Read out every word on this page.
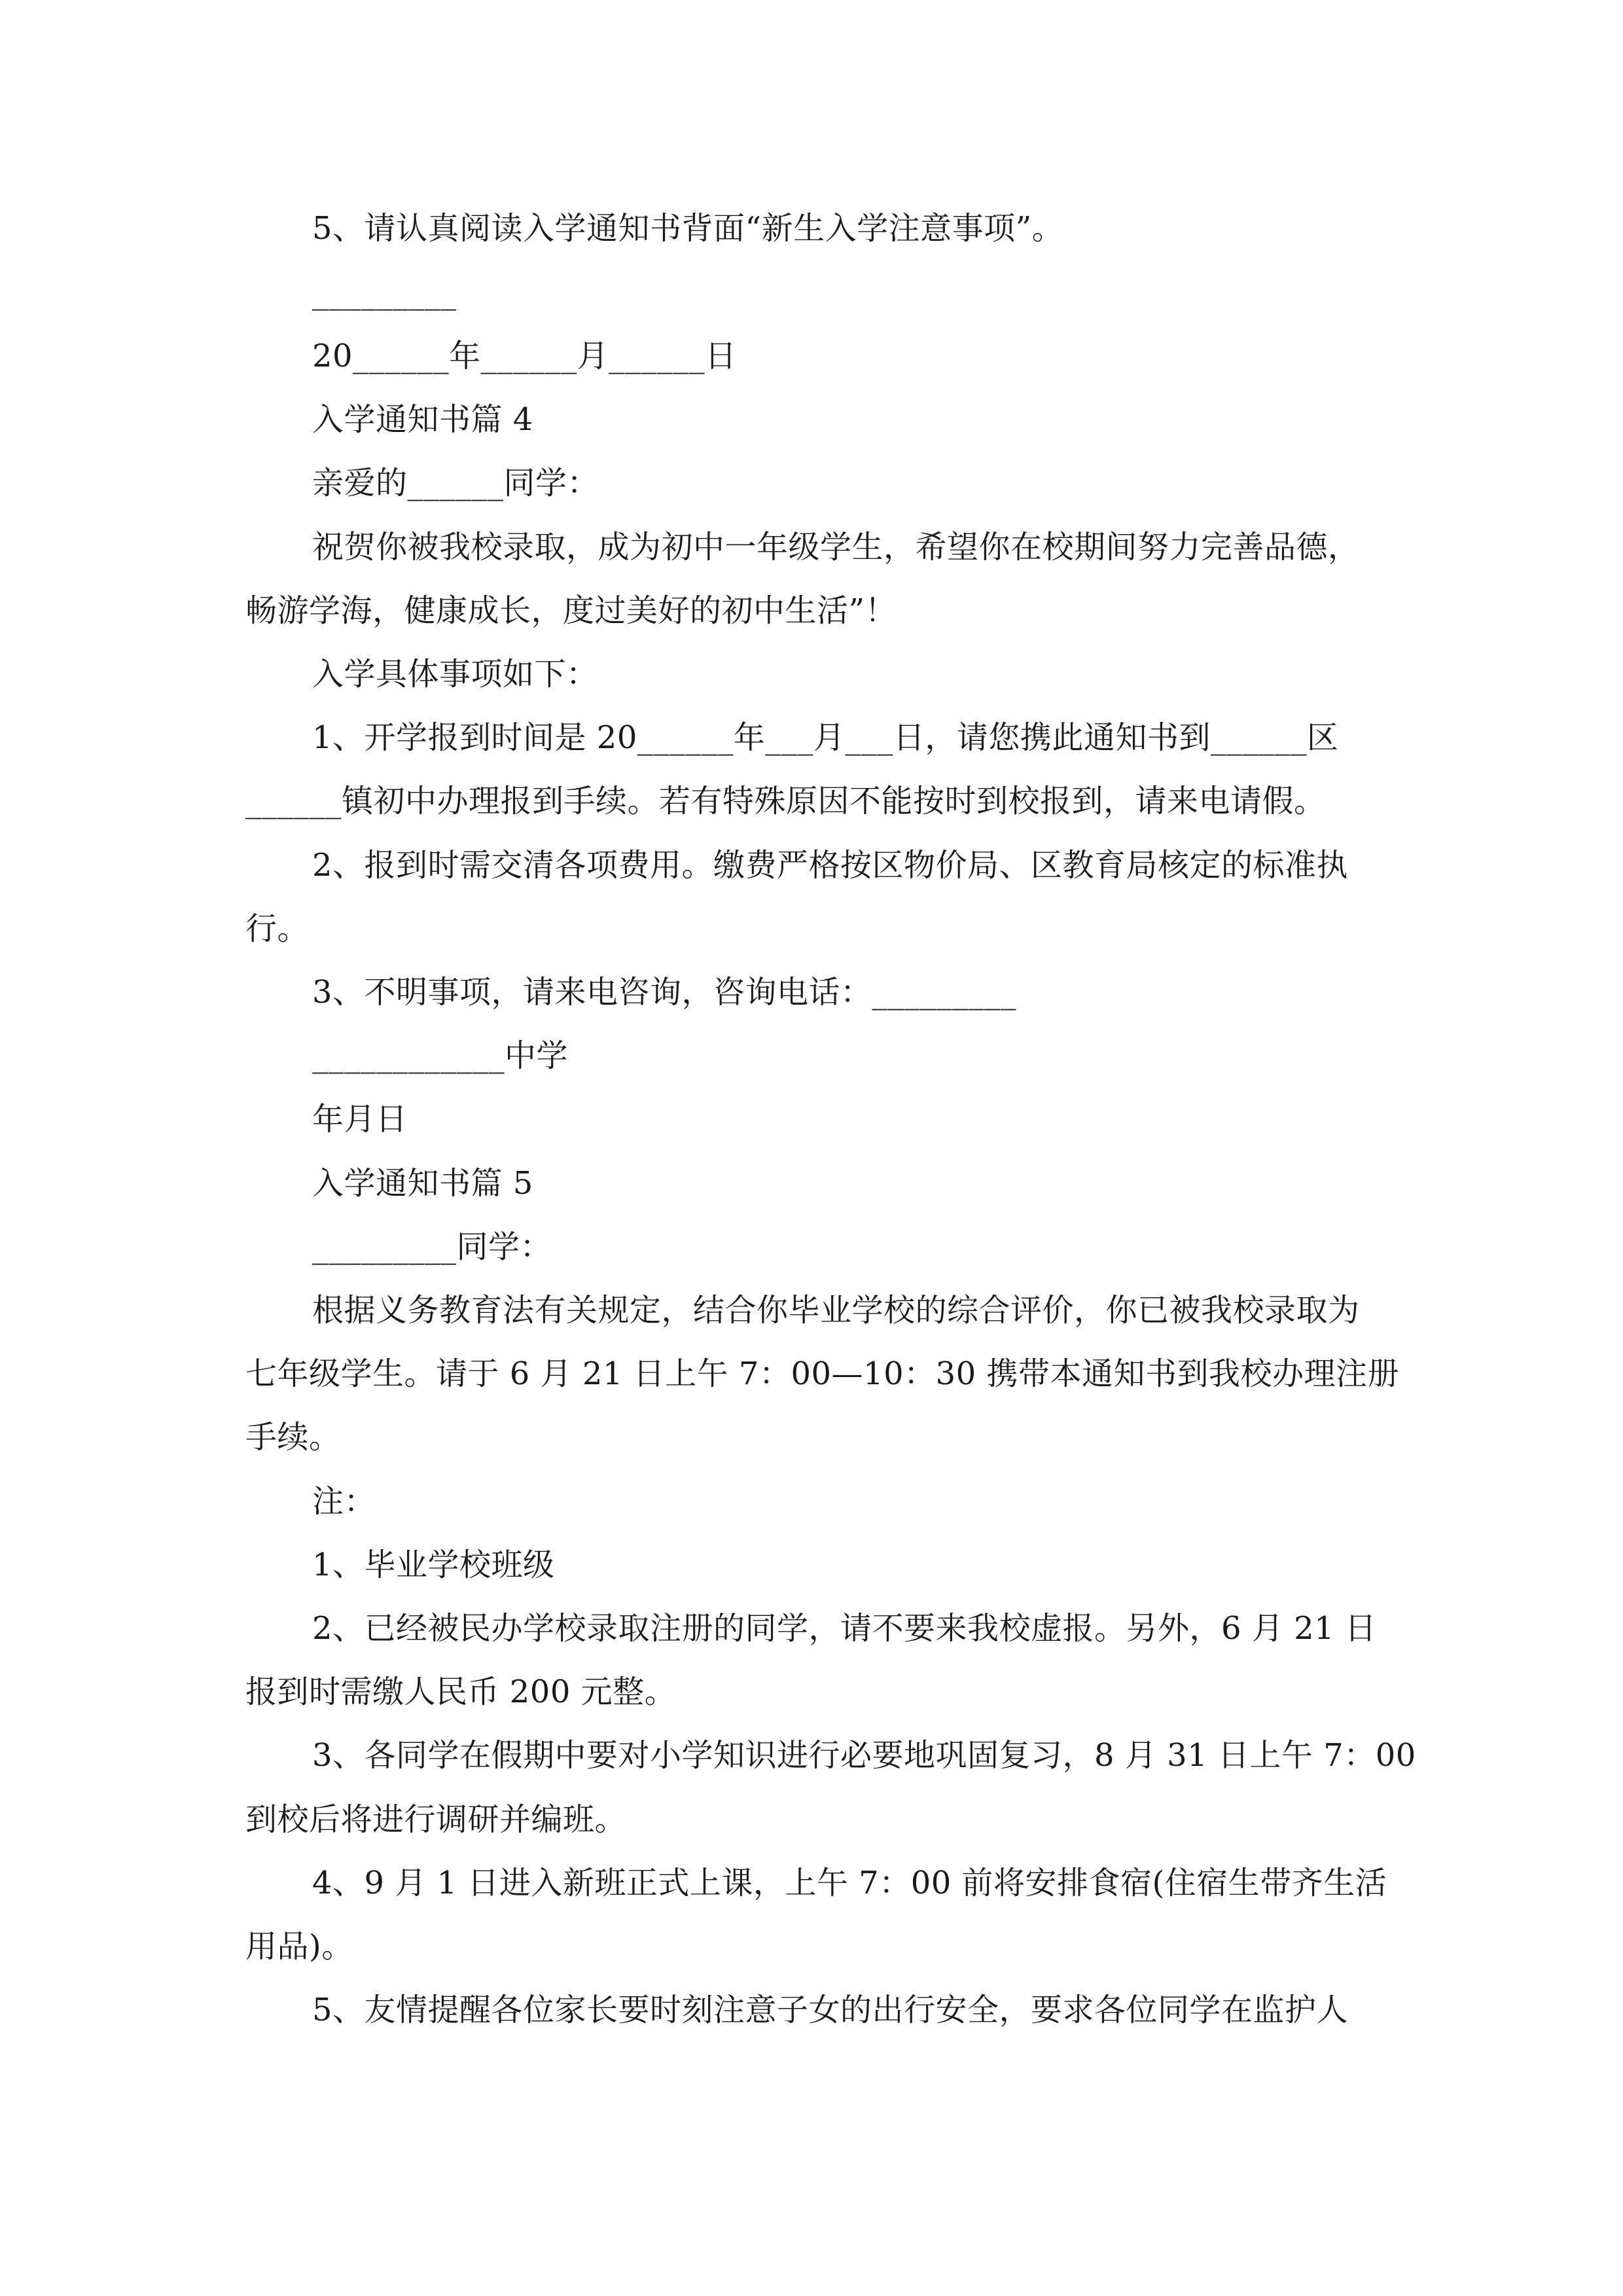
5、请认真阅读入学通知书背面“新生入学注意事项”。
_________
20______年______月______日
入学通知书篇 4
亲爱的______同学：
祝贺你被我校录取，成为初中一年级学生，希望你在校期间努力完善品德，
畅游学海，健康成长，度过美好的初中生活”！
入学具体事项如下：
1、开学报到时间是 20______年___月___日，请您携此通知书到______区
______镇初中办理报到手续。若有特殊原因不能按时到校报到，请来电请假。
2、报到时需交清各项费用。缴费严格按区物价局、区教育局核定的标准执
行。
3、不明事项，请来电咨询，咨询电话：_________
____________中学
年月日
入学通知书篇 5
_________同学：
根据义务教育法有关规定，结合你毕业学校的综合评价，你已被我校录取为
七年级学生。请于 6 月 21 日上午 7：00—10：30 携带本通知书到我校办理注册
手续。
注：
1、毕业学校班级
2、已经被民办学校录取注册的同学，请不要来我校虚报。另外，6 月 21 日
报到时需缴人民币 200 元整。
3、各同学在假期中要对小学知识进行必要地巩固复习，8 月 31 日上午 7：00
到校后将进行调研并编班。
4、9 月 1 日进入新班正式上课，上午 7：00 前将安排食宿(住宿生带齐生活
用品)。
5、友情提醒各位家长要时刻注意子女的出行安全，要求各位同学在监护人
